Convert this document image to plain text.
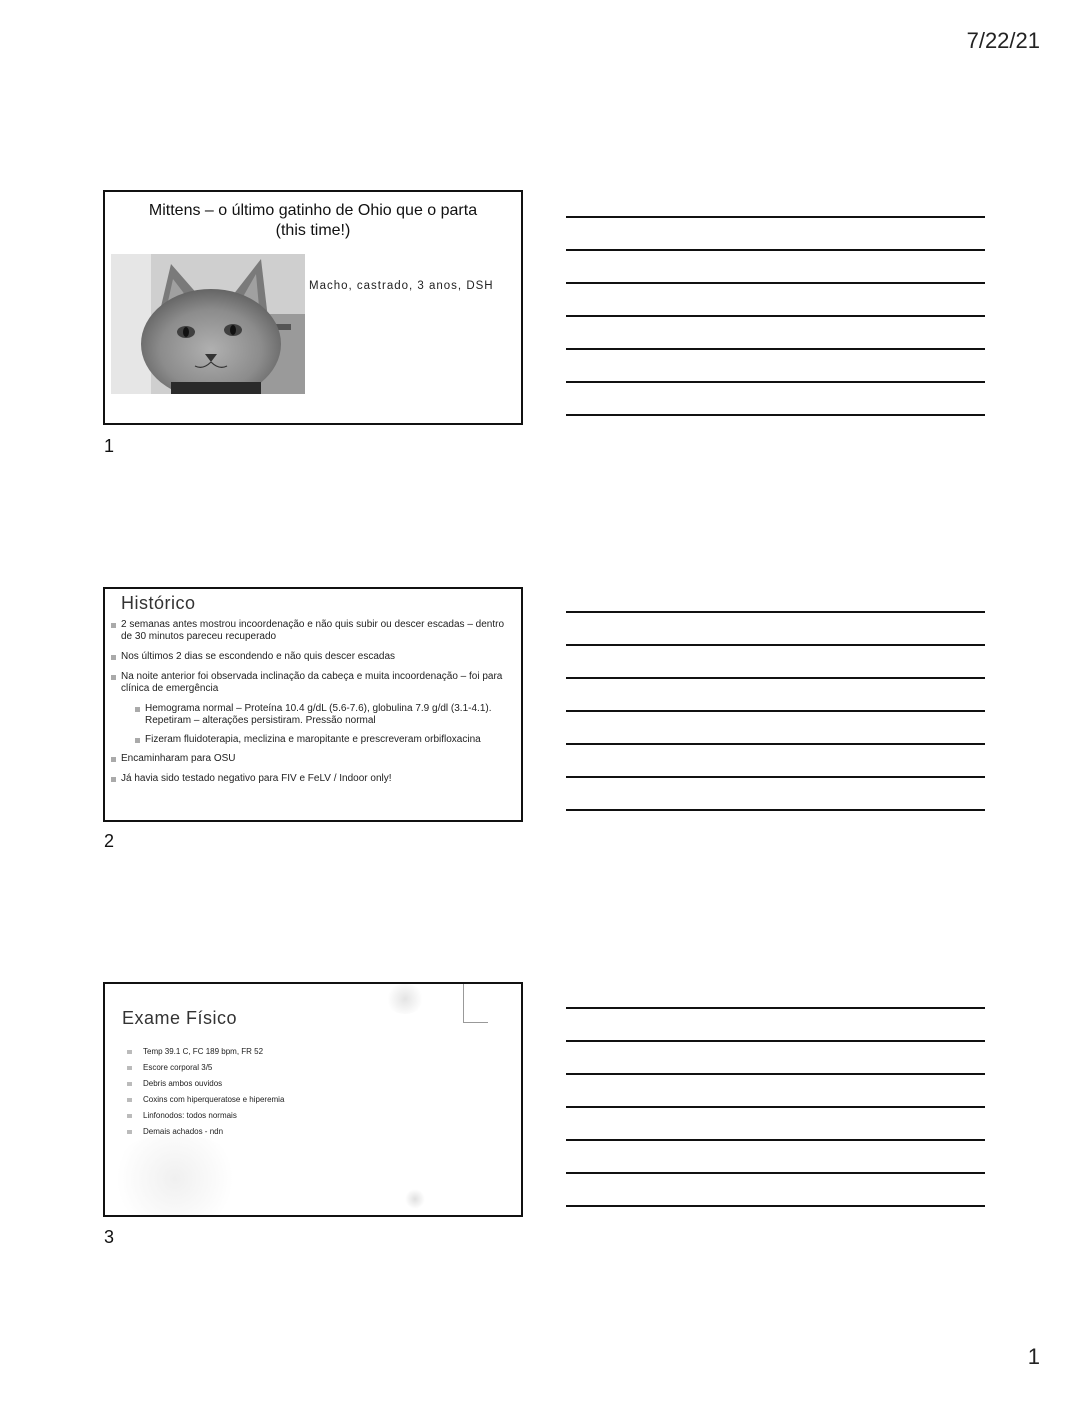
7/22/21
Mittens – o último gatinho de Ohio que o parta
(this time!)
Macho, castrado, 3 anos, DSH
1
Histórico
2 semanas antes mostrou incoordenação e não quis subir ou descer escadas – dentro de 30 minutos pareceu recuperado
Nos últimos 2 dias se escondendo e não quis descer escadas
Na noite anterior foi observada inclinação da cabeça e muita incoordenação – foi para clínica de emergência
Hemograma normal – Proteína 10.4 g/dL (5.6-7.6), globulina 7.9 g/dl (3.1-4.1). Repetiram – alterações persistiram. Pressão normal
Fizeram fluidoterapia, meclizina e maropitante e prescreveram orbifloxacina
Encaminharam para OSU
Já havia sido testado negativo para FIV e FeLV / Indoor only!
2
Exame Físico
Temp 39.1 C, FC 189 bpm, FR 52
Escore corporal 3/5
Debris ambos ouvidos
Coxins com hiperqueratose e hiperemia
Linfonodos: todos normais
Demais achados - ndn
3
1
